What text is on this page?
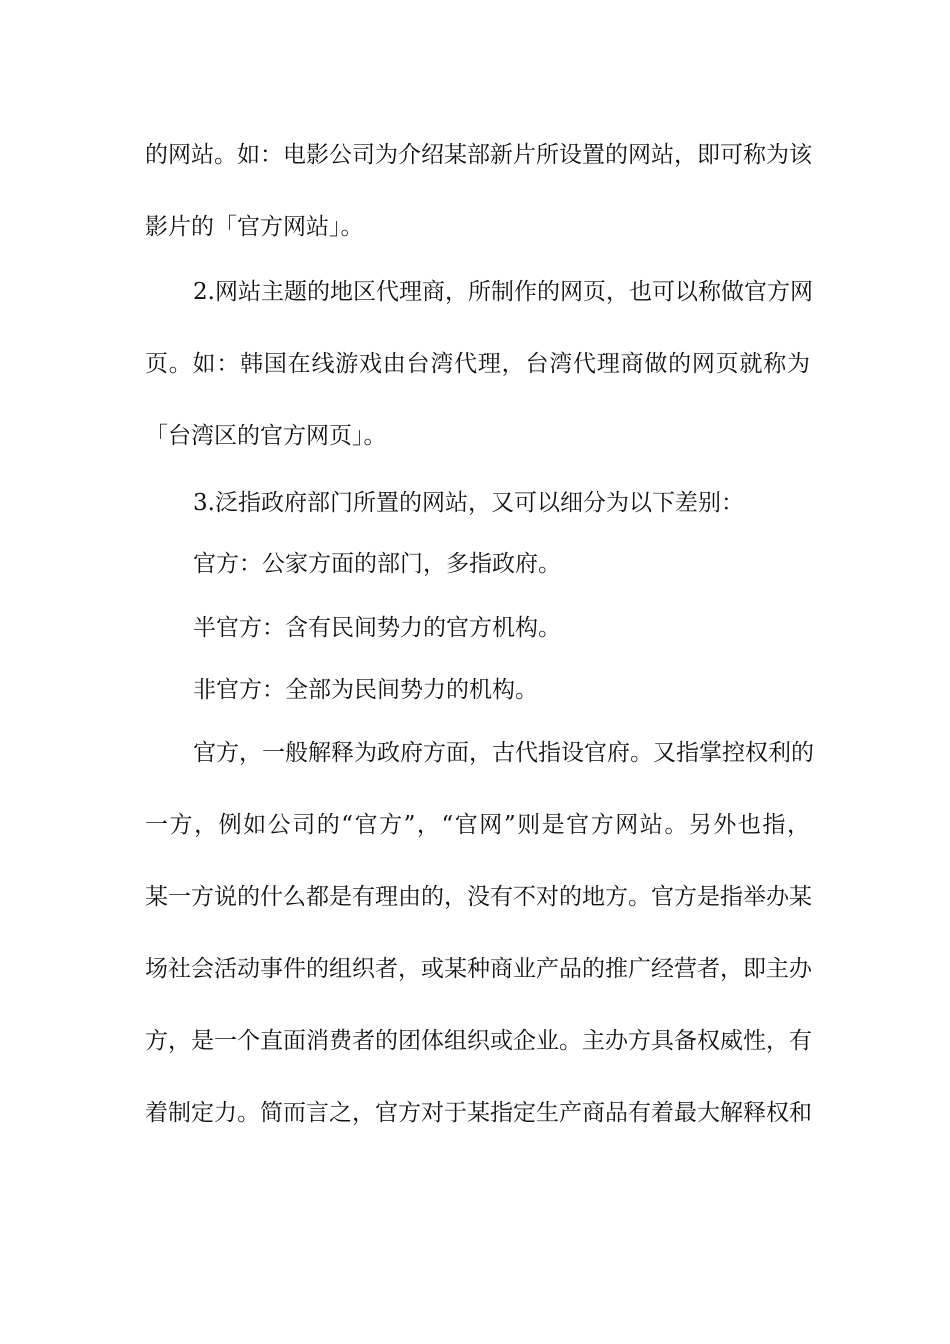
的网站。如：电影公司为介绍某部新片所设置的网站，即可称为该

影片的「官方网站」。

2.网站主题的地区代理商，所制作的网页，也可以称做官方网

页。如：韩国在线游戏由台湾代理，台湾代理商做的网页就称为

「台湾区的官方网页」。

3.泛指政府部门所置的网站，又可以细分为以下差别：

官方：公家方面的部门，多指政府。

半官方：含有民间势力的官方机构。

非官方：全部为民间势力的机构。

官方，一般解释为政府方面，古代指设官府。又指掌控权利的

一方，例如公司的“官方”，“官网”则是官方网站。另外也指，

某一方说的什么都是有理由的，没有不对的地方。官方是指举办某

场社会活动事件的组织者，或某种商业产品的推广经营者，即主办

方，是一个直面消费者的团体组织或企业。主办方具备权威性，有

着制定力。简而言之，官方对于某指定生产商品有着最大解释权和
